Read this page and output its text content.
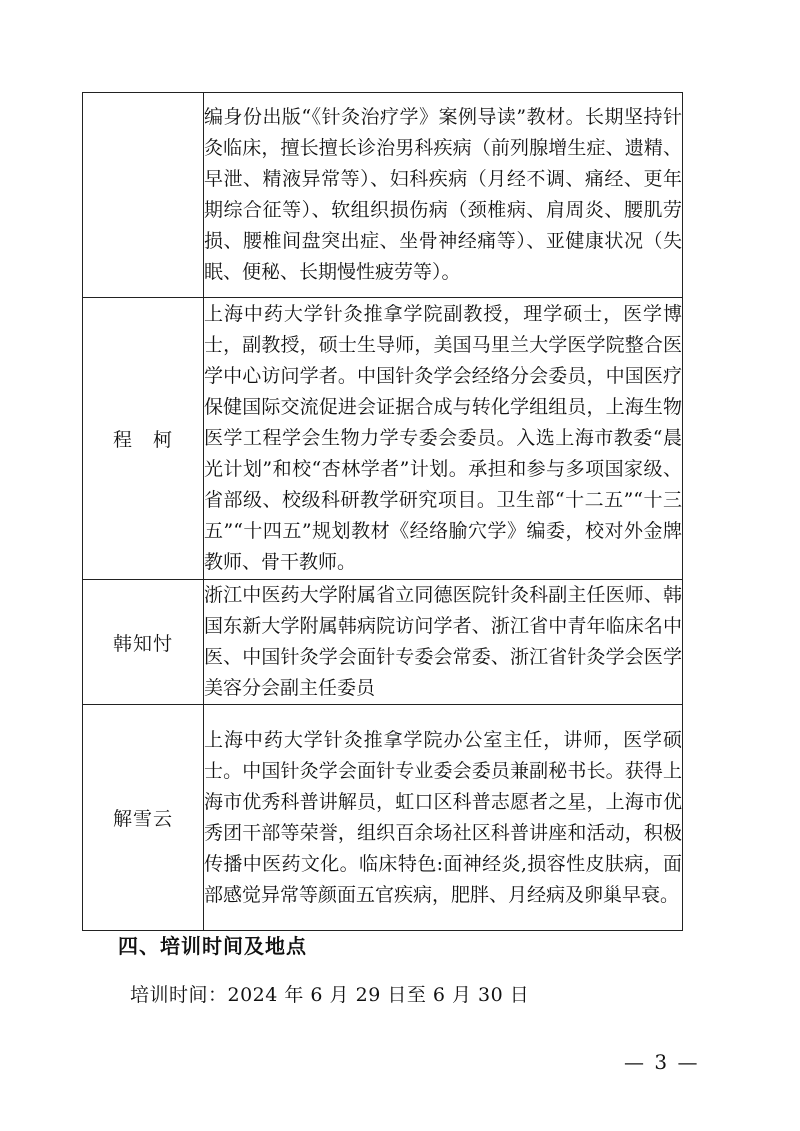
	编身份出版“《针灸治疗学》案例导读”教材。长期坚持针灸临床，擅长擅长诊治男科疾病（前列腺增生症、遗精、早泄、精液异常等）、妇科疾病（月经不调、痛经、更年期综合征等）、软组织损伤病（颈椎病、肩周炎、腰肌劳损、腰椎间盘突出症、坐骨神经痛等）、亚健康状况（失眠、便秘、长期慢性疲劳等）。
程　柯	上海中药大学针灸推拿学院副教授，理学硕士，医学博士，副教授，硕士生导师，美国马里兰大学医学院整合医学中心访问学者。中国针灸学会经络分会委员，中国医疗保健国际交流促进会证据合成与转化学组组员，上海生物医学工程学会生物力学专委会委员。入选上海市教委“晨光计划”和校“杏林学者”计划。承担和参与多项国家级、省部级、校级科研教学研究项目。卫生部“十二五”“十三五”“十四五”规划教材《经络腧穴学》编委，校对外金牌教师、骨干教师。
韩知忖	浙江中医药大学附属省立同德医院针灸科副主任医师、韩国东新大学附属韩病院访问学者、浙江省中青年临床名中医、中国针灸学会面针专委会常委、浙江省针灸学会医学美容分会副主任委员
解雪云	上海中药大学针灸推拿学院办公室主任，讲师，医学硕士。中国针灸学会面针专业委会委员兼副秘书长。获得上海市优秀科普讲解员，虹口区科普志愿者之星，上海市优秀团干部等荣誉，组织百余场社区科普讲座和活动，积极传播中医药文化。临床特色:面神经炎,损容性皮肤病，面部感觉异常等颜面五官疾病，肥胖、月经病及卵巢早衰。
四、培训时间及地点
培训时间：2024 年 6 月 29 日至 6 月 30 日
— 3 —
